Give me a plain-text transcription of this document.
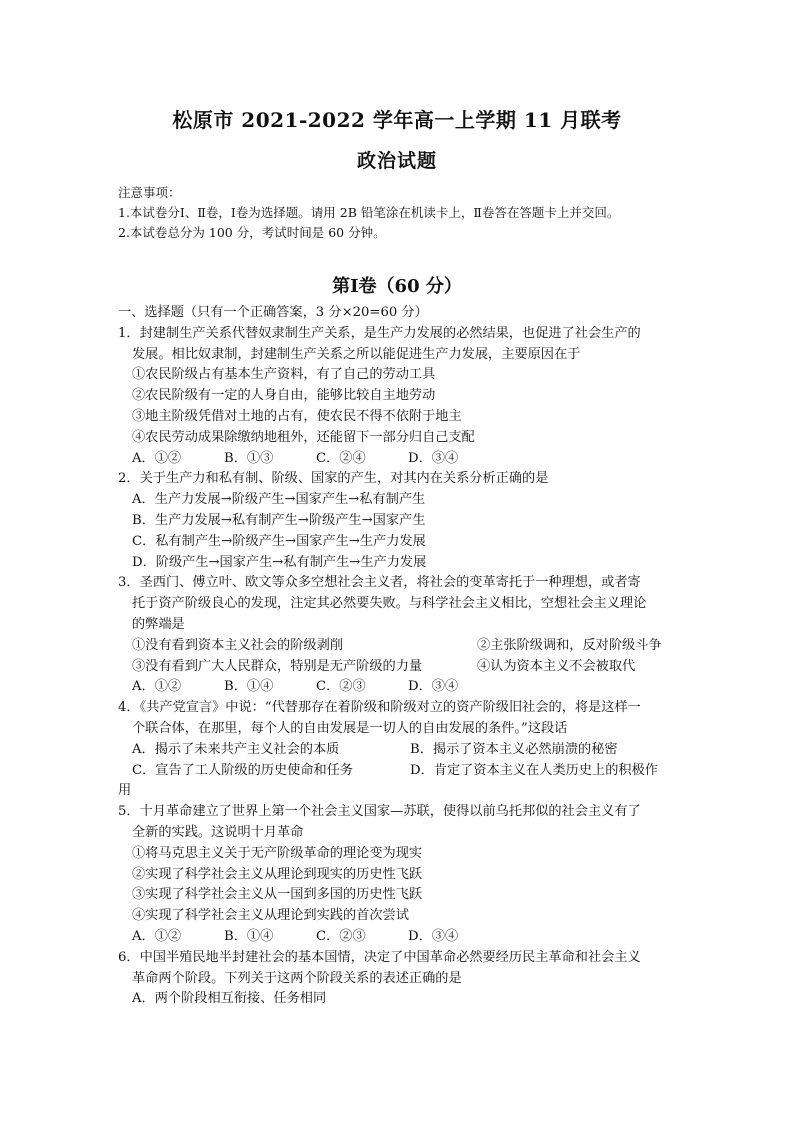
松原市 2021-2022 学年高一上学期 11 月联考
政治试题
注意事项：
1.本试卷分Ⅰ、Ⅱ卷，Ⅰ卷为选择题。请用 2B 铅笔涂在机读卡上，Ⅱ卷答在答题卡上并交回。
2.本试卷总分为 100 分，考试时间是 60 分钟。
第Ⅰ卷（60 分）
一、选择题（只有一个正确答案，3 分×20=60 分）
1．封建制生产关系代替奴隶制生产关系，是生产力发展的必然结果，也促进了社会生产的
发展。相比奴隶制，封建制生产关系之所以能促进生产力发展，主要原因在于
①农民阶级占有基本生产资料，有了自己的劳动工具
②农民阶级有一定的人身自由，能够比较自主地劳动
③地主阶级凭借对土地的占有，使农民不得不依附于地主
④农民劳动成果除缴纳地租外，还能留下一部分归自己支配
A．①②	B．①③	C．②④	D．③④
2．关于生产力和私有制、阶级、国家的产生，对其内在关系分析正确的是
A．生产力发展→阶级产生→国家产生→私有制产生
B．生产力发展→私有制产生→阶级产生→国家产生
C．私有制产生→阶级产生→国家产生→生产力发展
D．阶级产生→国家产生→私有制产生→生产力发展
3．圣西门、傅立叶、欧文等众多空想社会主义者，将社会的变革寄托于一种理想，或者寄
托于资产阶级良心的发现，注定其必然要失败。与科学社会主义相比，空想社会主义理论
的弊端是
①没有看到资本主义社会的阶级剥削	②主张阶级调和，反对阶级斗争
③没有看到广大人民群众，特别是无产阶级的力量	④认为资本主义不会被取代
A．①②	B．①④	C．②③	D．③④
4．《共产党宣言》中说：“代替那存在着阶级和阶级对立的资产阶级旧社会的，将是这样一
个联合体，在那里，每个人的自由发展是一切人的自由发展的条件。”这段话
A．揭示了未来共产主义社会的本质	B．揭示了资本主义必然崩溃的秘密
C．宣告了工人阶级的历史使命和任务	D．肯定了资本主义在人类历史上的积极作
用
5．十月革命建立了世界上第一个社会主义国家—苏联，使得以前乌托邦似的社会主义有了
全新的实践。这说明十月革命
①将马克思主义关于无产阶级革命的理论变为现实
②实现了科学社会主义从理论到现实的历史性飞跃
③实现了科学社会主义从一国到多国的历史性飞跃
④实现了科学社会主义从理论到实践的首次尝试
A．①②	B．①④	C．②③	D．③④
6．中国半殖民地半封建社会的基本国情，决定了中国革命必然要经历民主革命和社会主义
革命两个阶段。下列关于这两个阶段关系的表述正确的是
A．两个阶段相互衔接、任务相同
